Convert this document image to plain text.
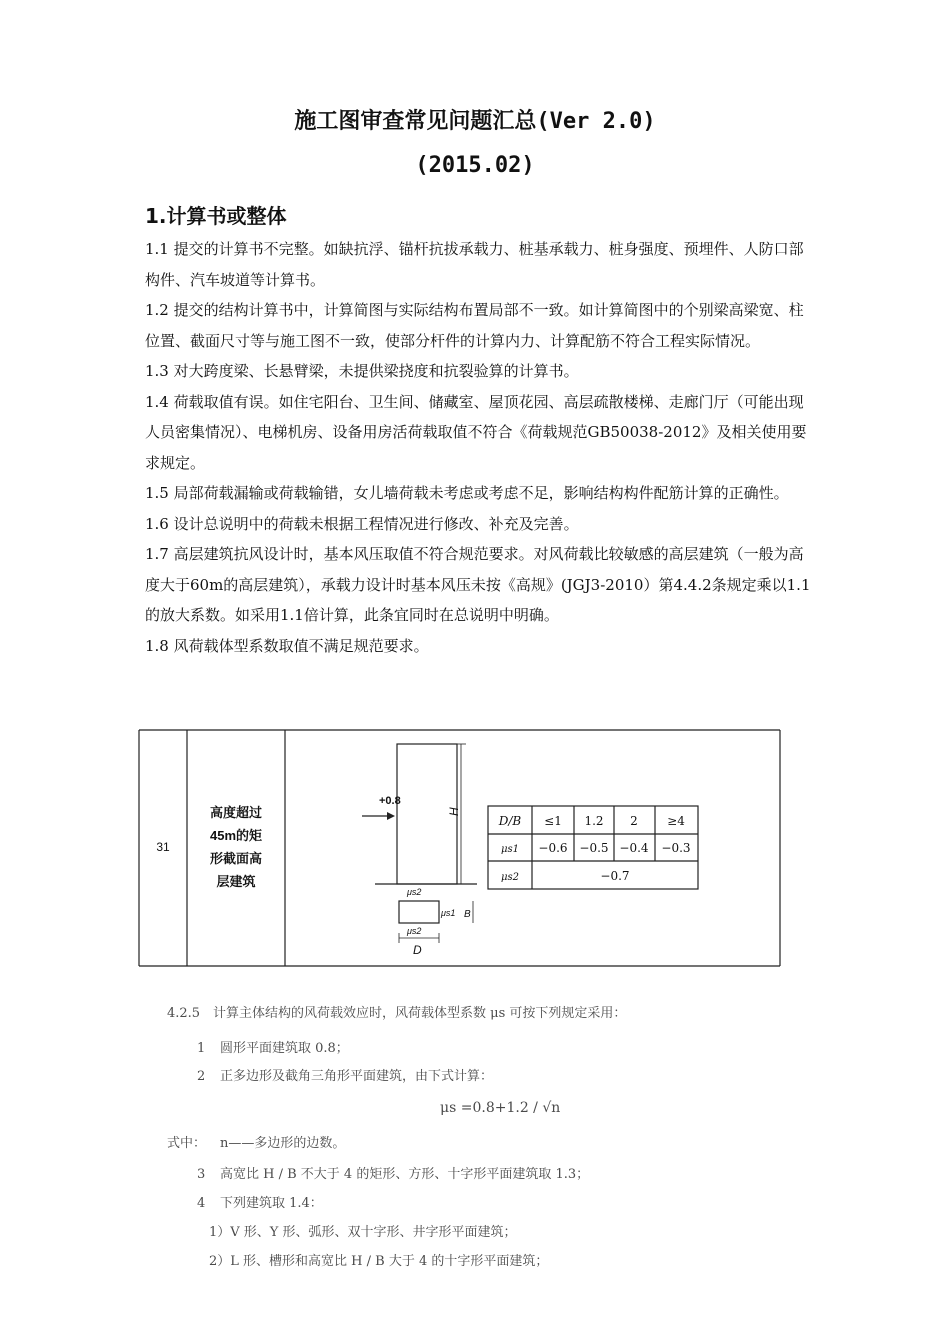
施工图审查常见问题汇总(Ver 2.0)
(2015.02)
1.计算书或整体

1.1 提交的计算书不完整。如缺抗浮、锚杆抗拔承载力、桩基承载力、桩身强度、预埋件、人防口部构件、汽车坡道等计算书。

1.2 提交的结构计算书中，计算简图与实际结构布置局部不一致。如计算简图中的个别梁高梁宽、柱位置、截面尺寸等与施工图不一致，使部分杆件的计算内力、计算配筋不符合工程实际情况。

1.3 对大跨度梁、长悬臂梁，未提供梁挠度和抗裂验算的计算书。

1.4 荷载取值有误。如住宅阳台、卫生间、储藏室、屋顶花园、高层疏散楼梯、走廊门厅（可能出现人员密集情况）、电梯机房、设备用房活荷载取值不符合《荷载规范GB50038-2012》及相关使用要求规定。

1.5 局部荷载漏输或荷载输错，女儿墙荷载未考虑或考虑不足，影响结构构件配筋计算的正确性。

1.6 设计总说明中的荷载未根据工程情况进行修改、补充及完善。

1.7 高层建筑抗风设计时，基本风压取值不符合规范要求。对风荷载比较敏感的高层建筑（一般为高度大于60m的高层建筑），承载力设计时基本风压未按《高规》(JGJ3-2010）第4.4.2条规定乘以1.1的放大系数。如采用1.1倍计算，此条宜同时在总说明中明确。

1.8 风荷载体型系数取值不满足规范要求。

31
高度超过
45m的矩
形截面高
层建筑
H
+0.8
μs2
μs1 B
μs2
D
D/B ≤1 1.2 2 ≥4
μs1 −0.6 −0.5 −0.4 −0.3
μs2	−0.7
4.2.5 计算主体结构的风荷载效应时，风荷载体型系数 μs 可按下列规定采用：
1 圆形平面建筑取 0.8；
2 正多边形及截角三角形平面建筑，由下式计算：
式中： n——多边形的边数。
3 高宽比 H / B 不大于 4 的矩形、方形、十字形平面建筑取 1.3；
4 下列建筑取 1.4：
1）V 形、Y 形、弧形、双十字形、井字形平面建筑；
2）L 形、槽形和高宽比 H / B 大于 4 的十字形平面建筑；
μs =0.8+1.2 / √n
